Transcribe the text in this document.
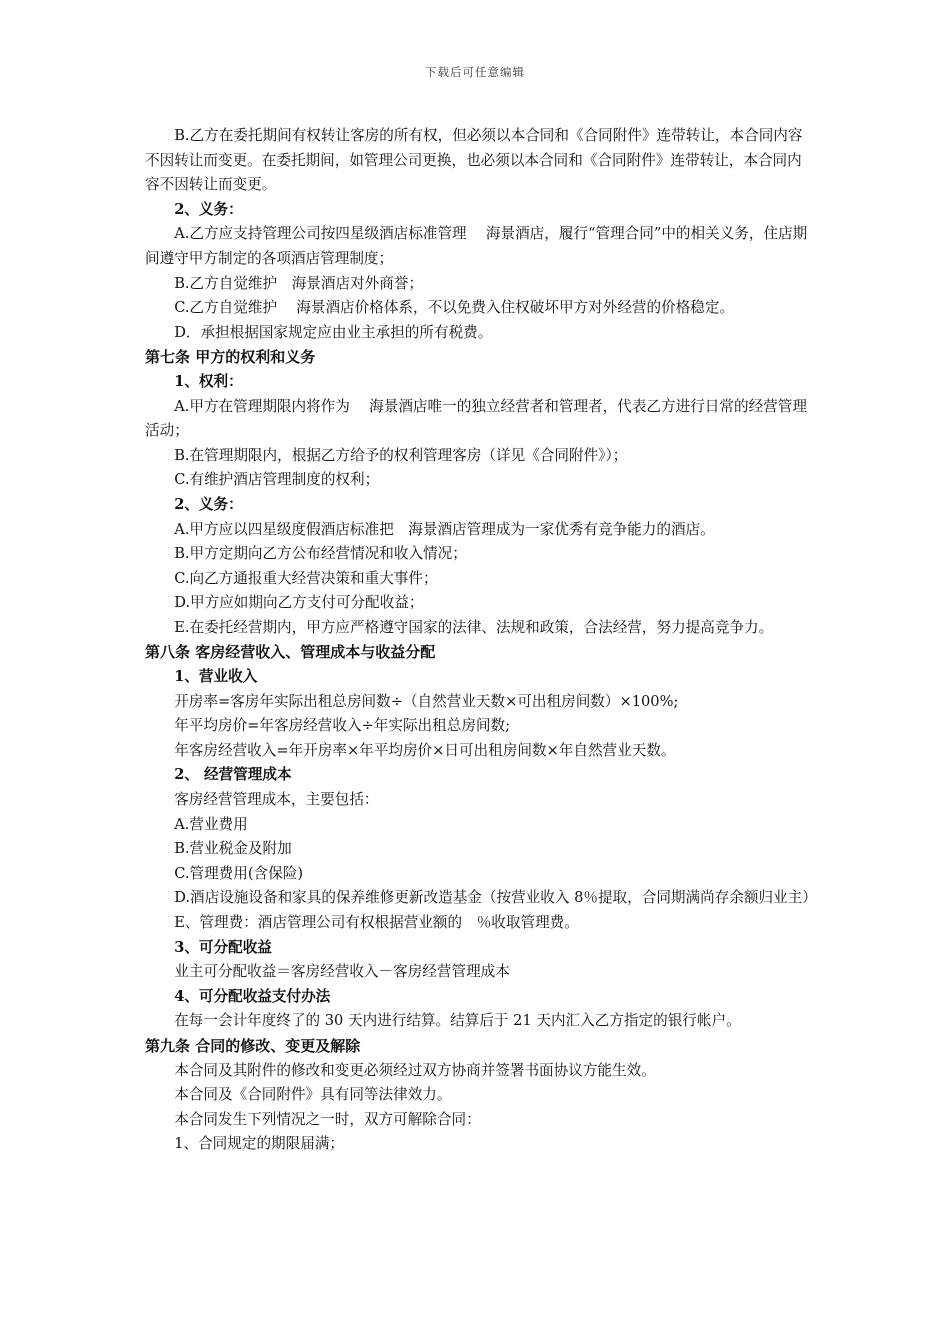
下载后可任意编辑

B.乙方在委托期间有权转让客房的所有权，但必须以本合同和《合同附件》连带转让，本合同内容不因转让而变更。在委托期间，如管理公司更换，也必须以本合同和《合同附件》连带转让，本合同内容不因转让而变更。

2、义务：

A.乙方应支持管理公司按四星级酒店标准管理　 海景酒店，履行“管理合同”中的相关义务，住店期间遵守甲方制定的各项酒店管理制度；

B.乙方自觉维护　海景酒店对外商誉；

C.乙方自觉维护　 海景酒店价格体系，不以免费入住权破坏甲方对外经营的价格稳定。

D．承担根据国家规定应由业主承担的所有税费。

第七条 甲方的权利和义务

1、权利：

A.甲方在管理期限内将作为　 海景酒店唯一的独立经营者和管理者，代表乙方进行日常的经营管理活动；

B.在管理期限内，根据乙方给予的权利管理客房（详见《合同附件》）；

C.有维护酒店管理制度的权利；

2、义务：

A.甲方应以四星级度假酒店标准把　海景酒店管理成为一家优秀有竞争能力的酒店。

B.甲方定期向乙方公布经营情况和收入情况；

C.向乙方通报重大经营决策和重大事件；

D.甲方应如期向乙方支付可分配收益；

E.在委托经营期内，甲方应严格遵守国家的法律、法规和政策，合法经营，努力提高竞争力。

第八条 客房经营收入、管理成本与收益分配

1、营业收入

开房率=客房年实际出租总房间数÷（自然营业天数×可出租房间数）×100%;

年平均房价=年客房经营收入÷年实际出租总房间数;

年客房经营收入=年开房率×年平均房价×日可出租房间数×年自然营业天数。

2、 经营管理成本

客房经营管理成本，主要包括：

A.营业费用

B.营业税金及附加

C.管理费用(含保险)

D.酒店设施设备和家具的保养维修更新改造基金（按营业收入 8％提取，合同期满尚存余额归业主）

E、管理费：酒店管理公司有权根据营业额的　％收取管理费。

3、可分配收益

业主可分配收益＝客房经营收入－客房经营管理成本

4、可分配收益支付办法

在每一会计年度终了的 30 天内进行结算。结算后于 21 天内汇入乙方指定的银行帐户。

第九条 合同的修改、变更及解除

本合同及其附件的修改和变更必须经过双方协商并签署书面协议方能生效。

本合同及《合同附件》具有同等法律效力。

本合同发生下列情况之一时，双方可解除合同：

1、合同规定的期限届满；
